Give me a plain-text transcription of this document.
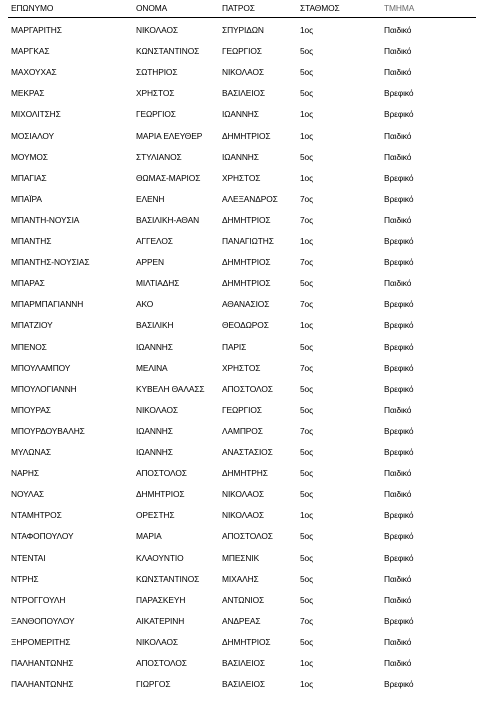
ΕΠΩΝΥΜΟ	ΟΝΟΜΑ	ΠΑΤΡΟΣ	ΣΤΑΘΜΟΣ	ΤΜΗΜΑ
ΜΑΡΓΑΡΙΤΗΣ	ΝΙΚΟΛΑΟΣ	ΣΠΥΡΙΔΩΝ	1ος	Παιδικό
ΜΑΡΓΚΑΣ	ΚΩΝΣΤΑΝΤΙΝΟΣ	ΓΕΩΡΓΙΟΣ	5ος	Παιδικό
ΜΑΧΟΥΧΑΣ	ΣΩΤΗΡΙΟΣ	ΝΙΚΟΛΑΟΣ	5ος	Παιδικό
ΜΕΚΡΑΣ	ΧΡΗΣΤΟΣ	ΒΑΣΙΛΕΙΟΣ	5ος	Βρεφικό
ΜΙΧΟΛΙΤΣΗΣ	ΓΕΩΡΓΙΟΣ	ΙΩΑΝΝΗΣ	1ος	Βρεφικό
ΜΟΣΙΑΛΟΥ	ΜΑΡΙΑ ΕΛΕΥΘΕΡ	ΔΗΜΗΤΡΙΟΣ	1ος	Παιδικό
ΜΟΥΜΟΣ	ΣΤΥΛΙΑΝΟΣ	ΙΩΑΝΝΗΣ	5ος	Παιδικό
ΜΠΑΓΙΑΣ	ΘΩΜΑΣ-ΜΑΡΙΟΣ	ΧΡΗΣΤΟΣ	1ος	Βρεφικό
ΜΠΑΪΡΑ	ΕΛΕΝΗ	ΑΛΕΞΑΝΔΡΟΣ	7ος	Βρεφικό
ΜΠΑΝΤΗ-ΝΟΥΣΙΑ	ΒΑΣΙΛΙΚΗ-ΑΘΑΝ	ΔΗΜΗΤΡΙΟΣ	7ος	Παιδικό
ΜΠΑΝΤΗΣ	ΑΓΓΕΛΟΣ	ΠΑΝΑΓΙΩΤΗΣ	1ος	Βρεφικό
ΜΠΑΝΤΗΣ-ΝΟΥΣΙΑΣ	ΑΡΡΕΝ	ΔΗΜΗΤΡΙΟΣ	7ος	Βρεφικό
ΜΠΑΡΑΣ	ΜΙΛΤΙΑΔΗΣ	ΔΗΜΗΤΡΙΟΣ	5ος	Παιδικό
ΜΠΑΡΜΠΑΓΙΑΝΝΗ	ΑΚΟ	ΑΘΑΝΑΣΙΟΣ	7ος	Βρεφικό
ΜΠΑΤΖΙΟΥ	ΒΑΣΙΛΙΚΗ	ΘΕΟΔΩΡΟΣ	1ος	Βρεφικό
ΜΠΕΝΟΣ	ΙΩΑΝΝΗΣ	ΠΑΡΙΣ	5ος	Βρεφικό
ΜΠΟΥΛΑΜΠΟΥ	ΜΕΛΙΝΑ	ΧΡΗΣΤΟΣ	7ος	Βρεφικό
ΜΠΟΥΛΟΓΙΑΝΝΗ	ΚΥΒΕΛΗ ΘΑΛΑΣΣ	ΑΠΟΣΤΟΛΟΣ	5ος	Βρεφικό
ΜΠΟΥΡΑΣ	ΝΙΚΟΛΑΟΣ	ΓΕΩΡΓΙΟΣ	5ος	Παιδικό
ΜΠΟΥΡΔΟΥΒΑΛΗΣ	ΙΩΑΝΝΗΣ	ΛΑΜΠΡΟΣ	7ος	Βρεφικό
ΜΥΛΩΝΑΣ	ΙΩΑΝΝΗΣ	ΑΝΑΣΤΑΣΙΟΣ	5ος	Βρεφικό
ΝΑΡΗΣ	ΑΠΟΣΤΟΛΟΣ	ΔΗΜΗΤΡΗΣ	5ος	Παιδικό
ΝΟΥΛΑΣ	ΔΗΜΗΤΡΙΟΣ	ΝΙΚΟΛΑΟΣ	5ος	Παιδικό
ΝΤΑΜΗΤΡΟΣ	ΟΡΕΣΤΗΣ	ΝΙΚΟΛΑΟΣ	1ος	Βρεφικό
ΝΤΑΦΟΠΟΥΛΟΥ	ΜΑΡΙΑ	ΑΠΟΣΤΟΛΟΣ	5ος	Βρεφικό
ΝΤΕΝΤΑΙ	ΚΛΑΟΥΝΤΙΟ	ΜΠΕΣΝΙΚ	5ος	Βρεφικό
ΝΤΡΗΣ	ΚΩΝΣΤΑΝΤΙΝΟΣ	ΜΙΧΑΛΗΣ	5ος	Παιδικό
ΝΤΡΟΓΓΟΥΛΗ	ΠΑΡΑΣΚΕΥΗ	ΑΝΤΩΝΙΟΣ	5ος	Παιδικό
ΞΑΝΘΟΠΟΥΛΟΥ	ΑΙΚΑΤΕΡΙΝΗ	ΑΝΔΡΕΑΣ	7ος	Βρεφικό
ΞΗΡΟΜΕΡΙΤΗΣ	ΝΙΚΟΛΑΟΣ	ΔΗΜΗΤΡΙΟΣ	5ος	Παιδικό
ΠΑΛΗΑΝΤΩΝΗΣ	ΑΠΟΣΤΟΛΟΣ	ΒΑΣΙΛΕΙΟΣ	1ος	Παιδικό
ΠΑΛΗΑΝΤΩΝΗΣ	ΓΙΩΡΓΟΣ	ΒΑΣΙΛΕΙΟΣ	1ος	Βρεφικό
